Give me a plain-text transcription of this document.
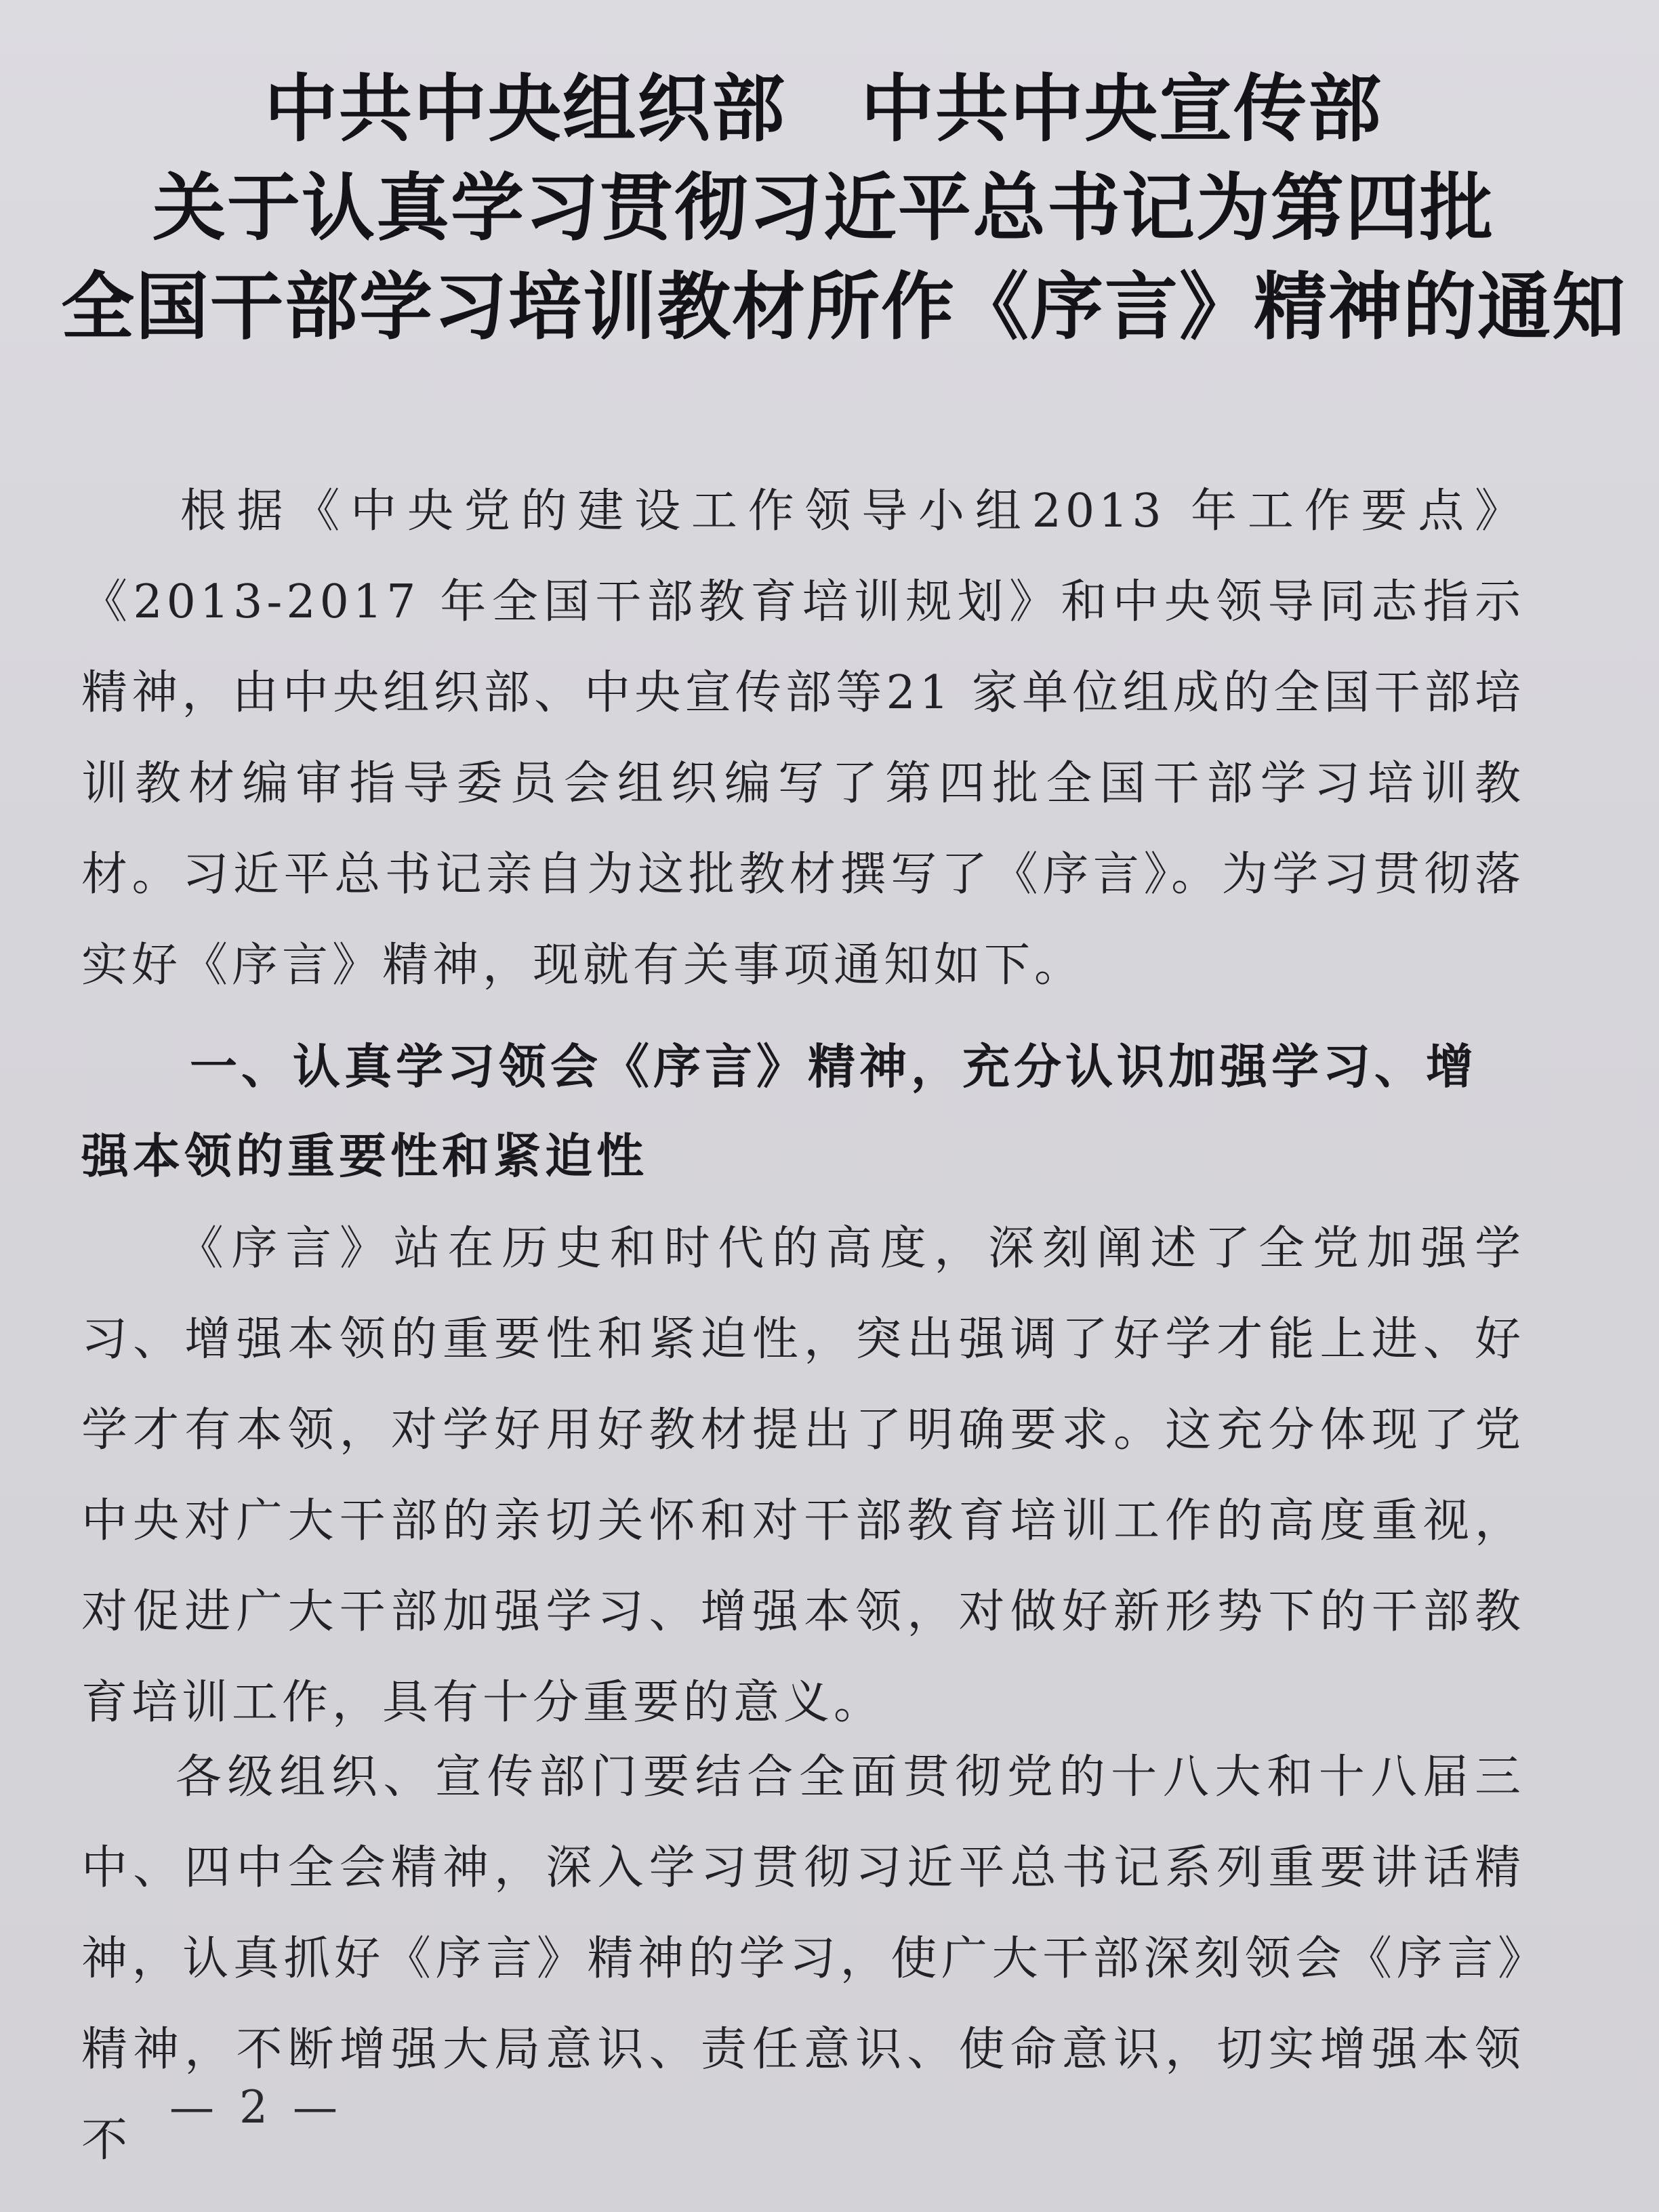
中共中央组织部　中共中央宣传部
关于认真学习贯彻习近平总书记为第四批
全国干部学习培训教材所作《序言》精神的通知
根据《中央党的建设工作领导小组2013 年工作要点》《2013-2017 年全国干部教育培训规划》和中央领导同志指示精神，由中央组织部、中央宣传部等21 家单位组成的全国干部培训教材编审指导委员会组织编写了第四批全国干部学习培训教材。习近平总书记亲自为这批教材撰写了《序言》。为学习贯彻落实好《序言》精神，现就有关事项通知如下。
一、认真学习领会《序言》精神，充分认识加强学习、增强本领的重要性和紧迫性
《序言》站在历史和时代的高度，深刻阐述了全党加强学习、增强本领的重要性和紧迫性，突出强调了好学才能上进、好学才有本领，对学好用好教材提出了明确要求。这充分体现了党中央对广大干部的亲切关怀和对干部教育培训工作的高度重视，对促进广大干部加强学习、增强本领，对做好新形势下的干部教育培训工作，具有十分重要的意义。
各级组织、宣传部门要结合全面贯彻党的十八大和十八届三中、四中全会精神，深入学习贯彻习近平总书记系列重要讲话精神，认真抓好《序言》精神的学习，使广大干部深刻领会《序言》精神，不断增强大局意识、责任意识、使命意识，切实增强本领不
— 2 —
